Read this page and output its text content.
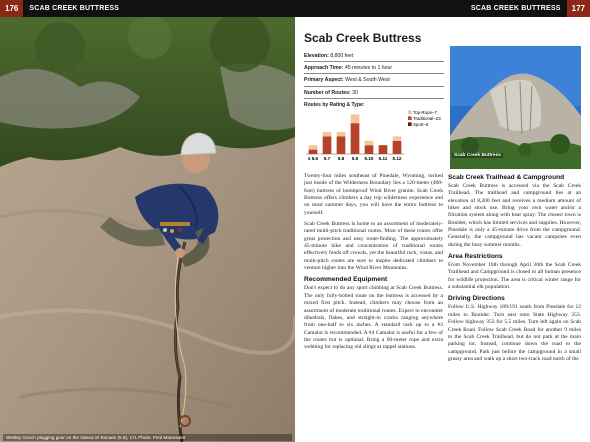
Wesley Gooch plugging gear on the classic El Bocado (5.9), 17L Photo: Fred Marmsater
176	SCAB CREEK BUTTRESS	SCAB CREEK BUTTRESS	177
Scab Creek Buttress
Elevation: 8,800 feet
Approach Time: 45 minutes to 1 hour
Primary Aspect: West & South West
Number of Routes: 30
Routes by Rating & Type:
≤ 5.6 5.7 5.8 5.9 5.10 5.11 5.12
Top-Rope–7
Traditional–23
Sport–0
Scab Creek Buttress

Twenty-four miles southeast of Pinedale, Wyoming, tucked just inside of the Wilderness Boundary lies a 120-meter (400-foot) buttress of bombproof Wind River granite. Scab Creek Buttress offers climbers a day trip wilderness experience and on most summer days, you will have the entire buttress to yourself.

Scab Creek Buttress is home to an assortment of moderately-rated multi-pitch traditional routes. Most of these routes offer great protection and easy route-finding. The approximately 45-minute hike and concentration of traditional routes effectively fends off crowds, yet the beautiful rock, vistas, and multi-pitch routes are sure to inspire dedicated climbers to venture higher into the Wind River Mountains.

Recommended Equipment

Don't expect to do any sport climbing at Scab Creek Buttress. The only fully-bolted route on the buttress is accessed by a mixed first pitch. Instead, climbers may choose from an assortment of moderate traditional routes. Expect to encounter dihedrals, flakes, and straight-in cracks ranging anywhere from one-half to six inches. A standard rack up to a #3 Camalot is recommended. A #4 Camalot is useful for a few of the routes but is optional. Bring a 60-meter rope and extra webbing for replacing old slings at rappel stations.

Scab Creek Trailhead & Campground

Scab Creek Buttress is accessed via the Scab Creek Trailhead. The trailhead and campground lies at an elevation of 8,200 feet and receives a medium amount of hiker and stock use. Bring your own water and/or a filtration system along with bear spray. The closest town is Boulder, which has limited services and supplies. However, Pinedale is only a 45-minute drive from the campground. Generally, the campground has vacant campsites even during the busy summer months.

Area Restrictions

From November 16th through April 30th the Scab Creek Trailhead and Campground is closed to all human presence for wildlife protection. The area is critical winter range for a substantial elk population.

Driving Directions

Follow U.S. Highway 189/191 south from Pinedale for 12 miles to Boulder. Turn east onto State Highway 353. Follow highway 353 for 5.5 miles. Turn left again on Scab Creek Road. Follow Scab Creek Road for another 9 miles to the Scab Creek Trailhead, but do not park at the main parking lot. Instead, continue down the road to the campground. Park just before the campground in a small grassy area and walk up a short two-track road north of the
